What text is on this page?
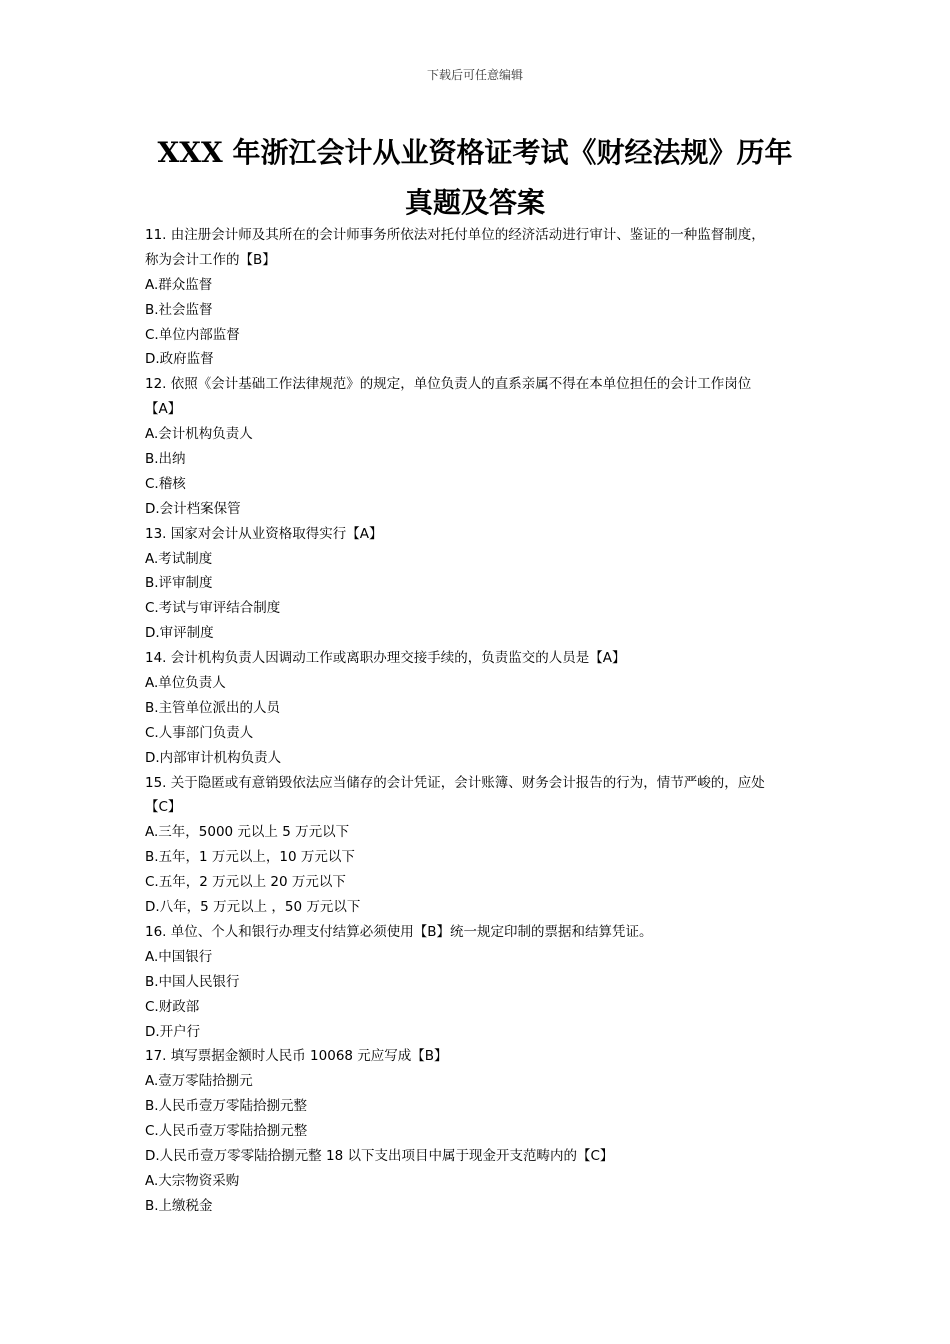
下载后可任意编辑
XXX 年浙江会计从业资格证考试《财经法规》历年
真题及答案
11. 由注册会计师及其所在的会计师事务所依法对托付单位的经济活动进行审计、鉴证的一种监督制度，
称为会计工作的【B】
A.群众监督
B.社会监督
C.单位内部监督
D.政府监督
12. 依照《会计基础工作法律规范》的规定，单位负责人的直系亲属不得在本单位担任的会计工作岗位
【A】
A.会计机构负责人
B.出纳
C.稽核
D.会计档案保管
13. 国家对会计从业资格取得实行【A】
A.考试制度
B.评审制度
C.考试与审评结合制度
D.审评制度
14. 会计机构负责人因调动工作或离职办理交接手续的，负责监交的人员是【A】
A.单位负责人
B.主管单位派出的人员
C.人事部门负责人
D.内部审计机构负责人
15. 关于隐匿或有意销毁依法应当储存的会计凭证，会计账簿、财务会计报告的行为，情节严峻的，应处
【C】
A.三年，5000 元以上 5 万元以下
B.五年，1 万元以上，10 万元以下
C.五年，2 万元以上 20 万元以下
D.八年，5 万元以上 ，50 万元以下
16. 单位、个人和银行办理支付结算必须使用【B】统一规定印制的票据和结算凭证。
A.中国银行
B.中国人民银行
C.财政部
D.开户行
17. 填写票据金额时人民币 10068 元应写成【B】
A.壹万零陆拾捌元
B.人民币壹万零陆拾捌元整
C.人民币壹万零陆拾捌元整
D.人民币壹万零零陆拾捌元整 18 以下支出项目中属于现金开支范畴内的【C】
A.大宗物资采购
B.上缴税金
